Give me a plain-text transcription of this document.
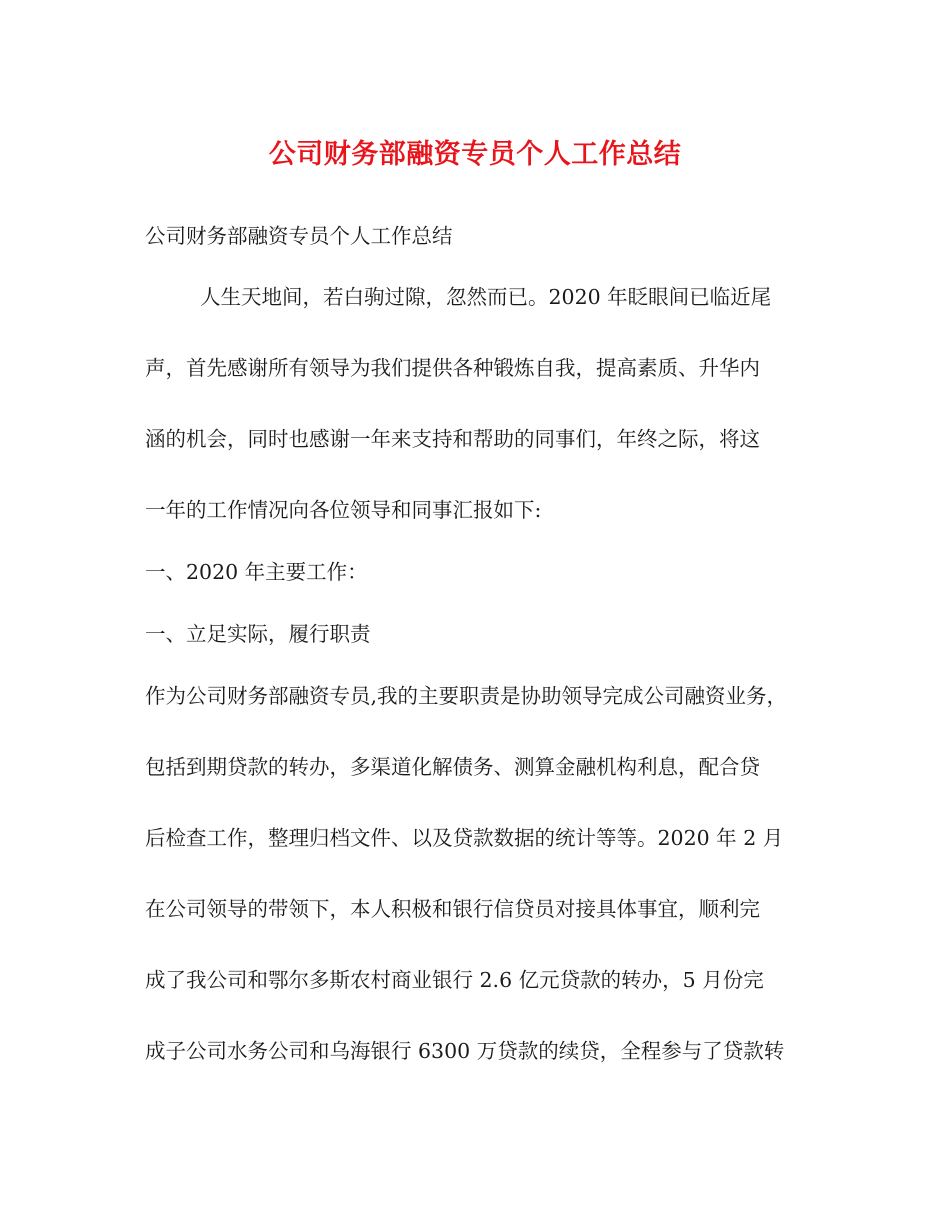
公司财务部融资专员个人工作总结
公司财务部融资专员个人工作总结
人生天地间，若白驹过隙，忽然而已。2020 年眨眼间已临近尾
声，首先感谢所有领导为我们提供各种锻炼自我，提高素质、升华内
涵的机会，同时也感谢一年来支持和帮助的同事们，年终之际，将这
一年的工作情况向各位领导和同事汇报如下:
一、2020 年主要工作：
一、立足实际，履行职责
作为公司财务部融资专员,我的主要职责是协助领导完成公司融资业务，
包括到期贷款的转办，多渠道化解债务、测算金融机构利息，配合贷
后检查工作，整理归档文件、以及贷款数据的统计等等。2020 年 2 月
在公司领导的带领下，本人积极和银行信贷员对接具体事宜，顺利完
成了我公司和鄂尔多斯农村商业银行 2.6 亿元贷款的转办，5 月份完
成子公司水务公司和乌海银行 6300 万贷款的续贷，全程参与了贷款转
